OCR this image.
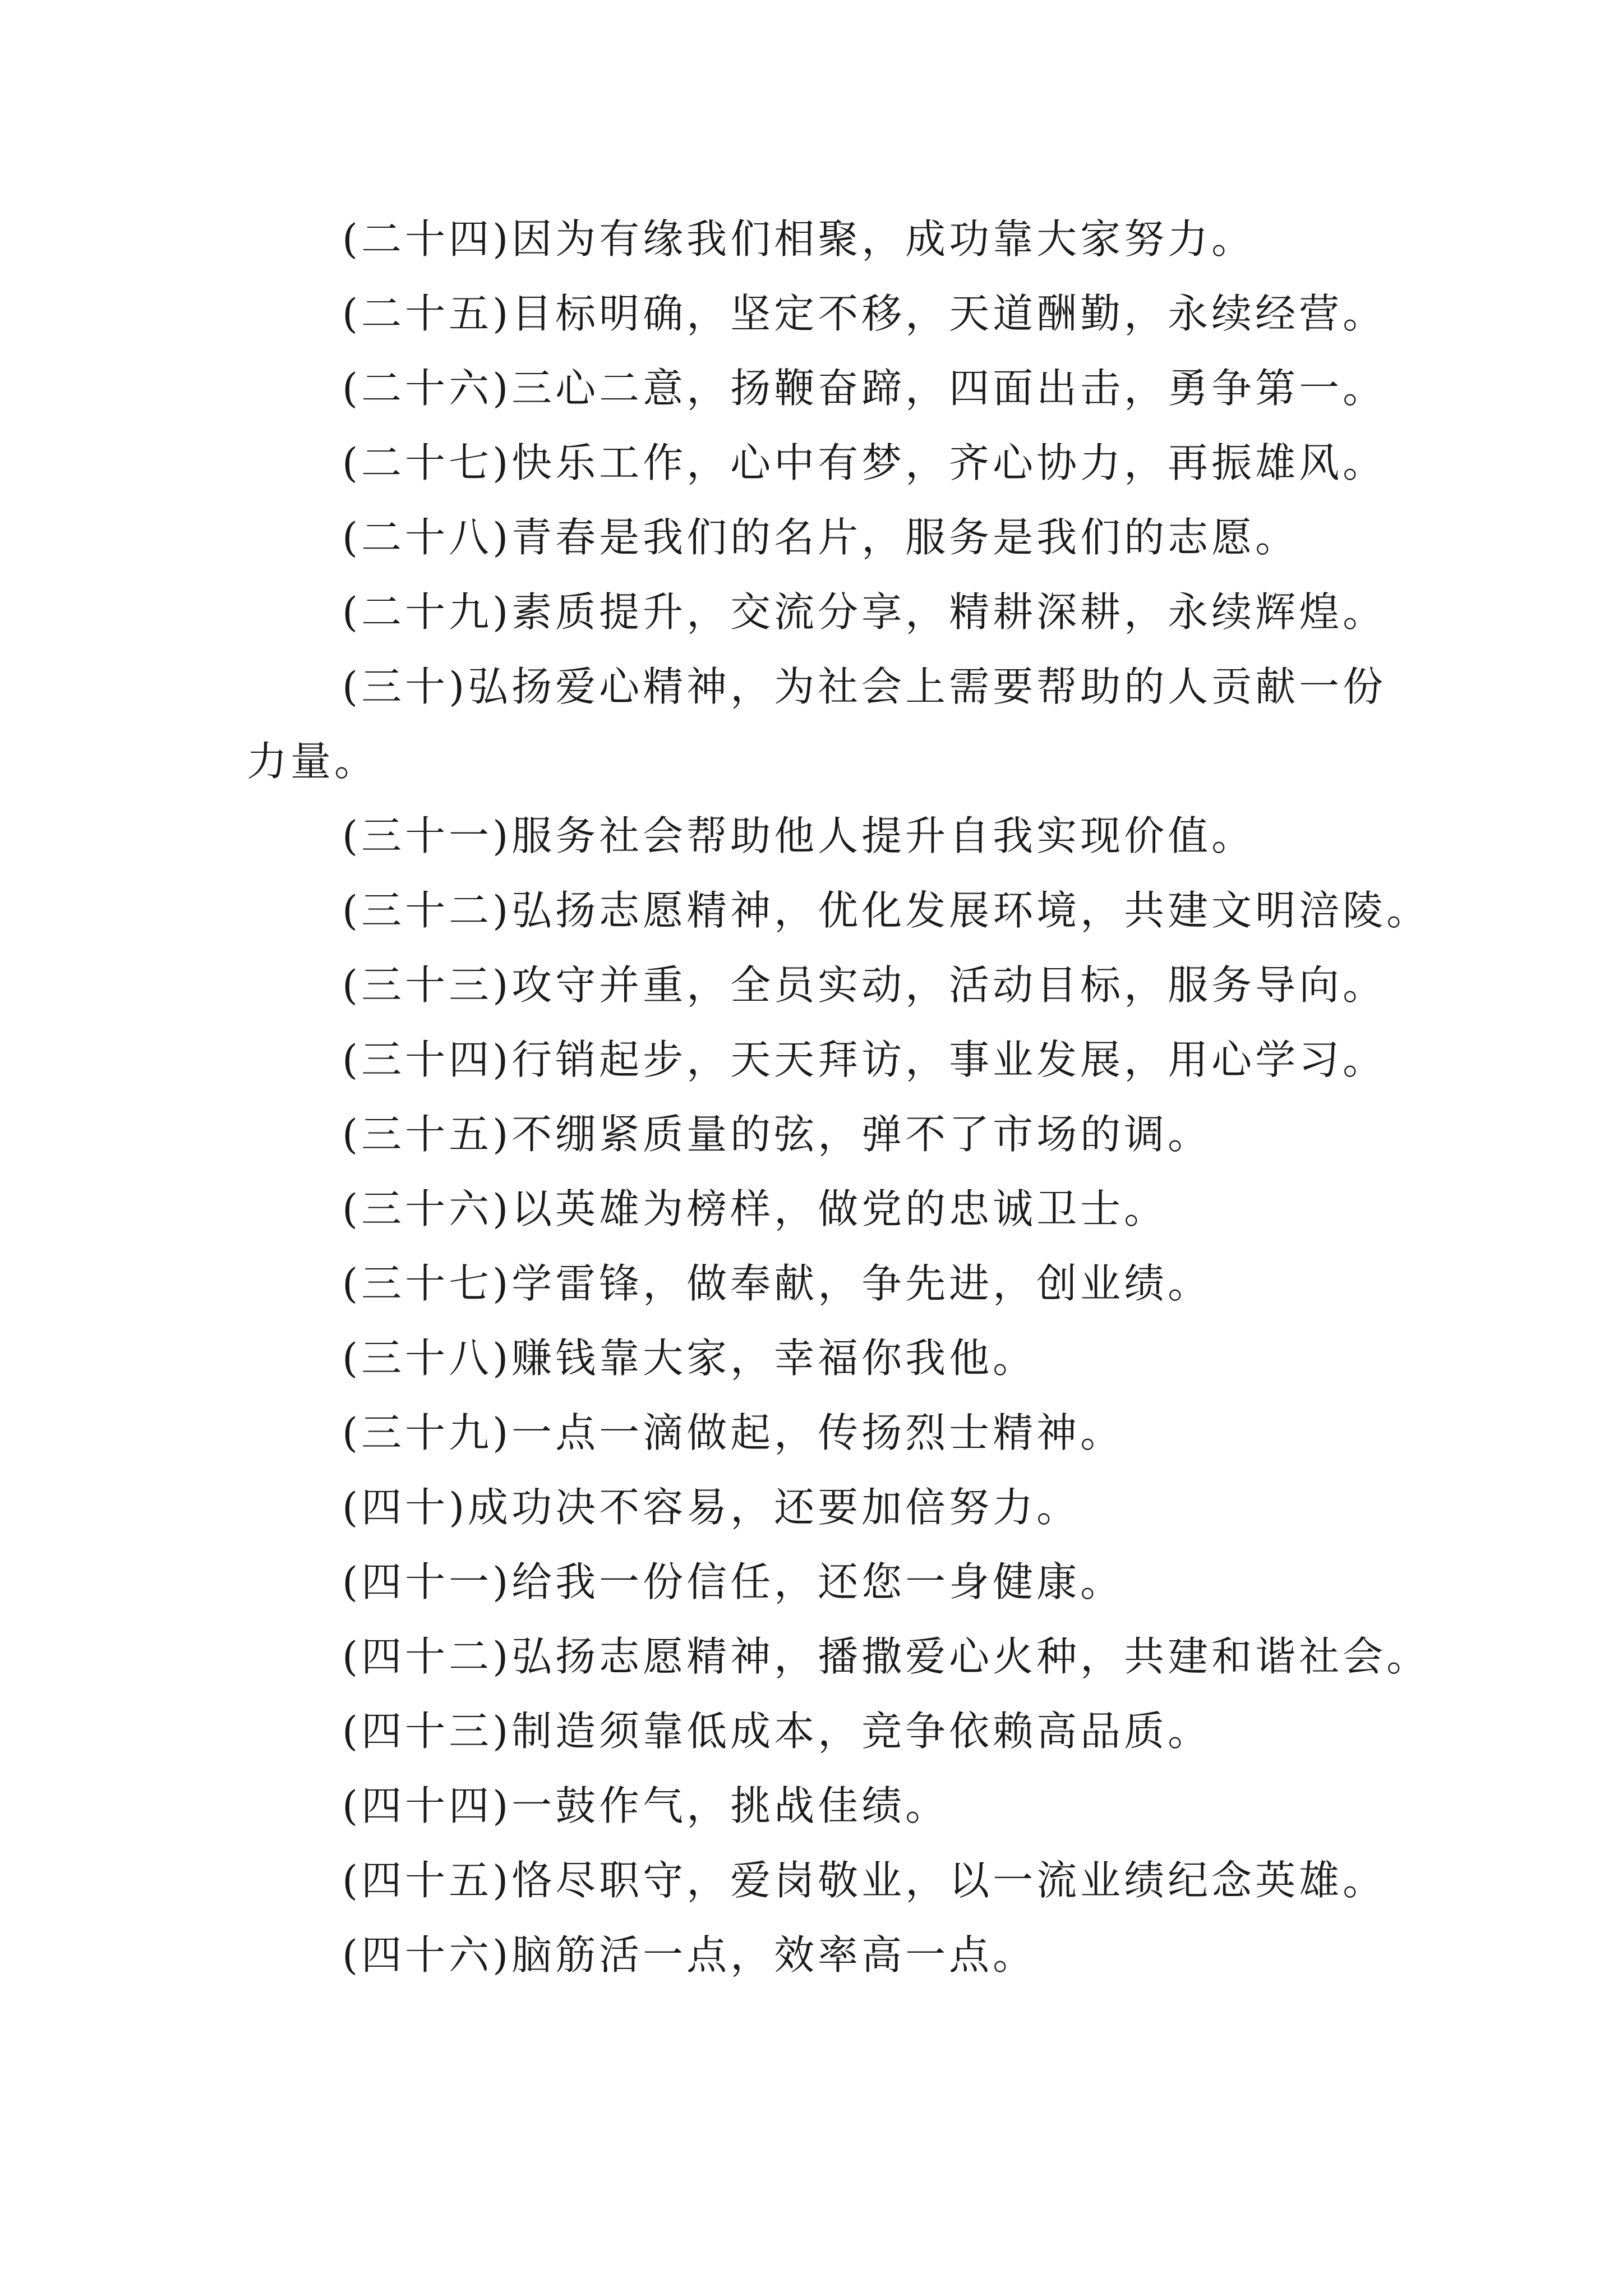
(二十四)因为有缘我们相聚，成功靠大家努力。

(二十五)目标明确，坚定不移，天道酬勤，永续经营。

(二十六)三心二意，扬鞭奋蹄，四面出击，勇争第一。

(二十七)快乐工作，心中有梦，齐心协力，再振雄风。

(二十八)青春是我们的名片，服务是我们的志愿。

(二十九)素质提升，交流分享，精耕深耕，永续辉煌。

(三十)弘扬爱心精神，为社会上需要帮助的人贡献一份

力量。

(三十一)服务社会帮助他人提升自我实现价值。

(三十二)弘扬志愿精神，优化发展环境，共建文明涪陵。

(三十三)攻守并重，全员实动，活动目标，服务导向。

(三十四)行销起步，天天拜访，事业发展，用心学习。

(三十五)不绷紧质量的弦，弹不了市场的调。

(三十六)以英雄为榜样，做党的忠诚卫士。

(三十七)学雷锋，做奉献，争先进，创业绩。

(三十八)赚钱靠大家，幸福你我他。

(三十九)一点一滴做起，传扬烈士精神。

(四十)成功决不容易，还要加倍努力。

(四十一)给我一份信任，还您一身健康。

(四十二)弘扬志愿精神，播撒爱心火种，共建和谐社会。

(四十三)制造须靠低成本，竞争依赖高品质。

(四十四)一鼓作气，挑战佳绩。

(四十五)恪尽职守，爱岗敬业，以一流业绩纪念英雄。

(四十六)脑筋活一点，效率高一点。
